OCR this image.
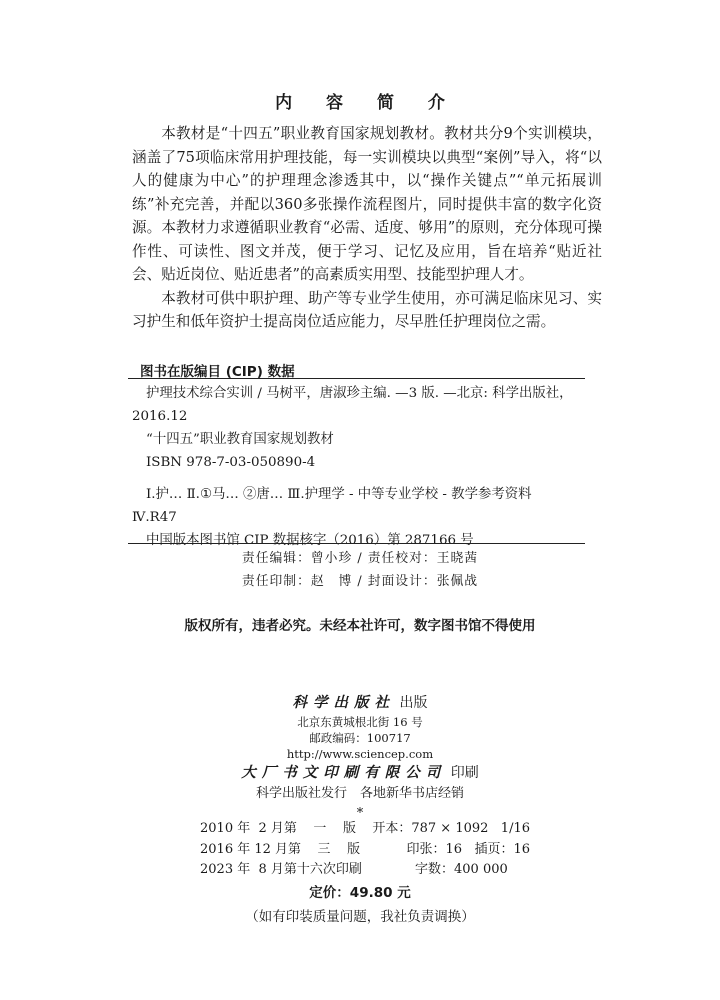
内 容 简 介

本教材是“十四五”职业教育国家规划教材。教材共分9个实训模块，涵盖了75项临床常用护理技能，每一实训模块以典型“案例”导入，将“以人的健康为中心”的护理理念渗透其中，以“操作关键点”“单元拓展训练”补充完善，并配以360多张操作流程图片，同时提供丰富的数字化资源。本教材力求遵循职业教育“必需、适度、够用”的原则，充分体现可操作性、可读性、图文并茂，便于学习、记忆及应用，旨在培养“贴近社会、贴近岗位、贴近患者”的高素质实用型、技能型护理人才。

本教材可供中职护理、助产等专业学生使用，亦可满足临床见习、实习护生和低年资护士提高岗位适应能力，尽早胜任护理岗位之需。

图书在版编目 (CIP) 数据
护理技术综合实训 / 马树平，唐淑珍主编. —3 版. —北京: 科学出版社，
2016.12
“十四五”职业教育国家规划教材
ISBN 978-7-03-050890-4
Ⅰ.护… Ⅱ.①马… ②唐… Ⅲ.护理学 - 中等专业学校 - 教学参考资料
Ⅳ.R47
中国版本图书馆 CIP 数据核字（2016）第 287166 号
责任编辑：曾小珍 / 责任校对：王晓茜
责任印制：赵　博 / 封面设计：张佩战
版权所有，违者必究。未经本社许可，数字图书馆不得使用
科学出版社 出版
北京东黄城根北街 16 号
邮政编码：100717
http://www.sciencep.com
大厂书文印刷有限公司 印刷
科学出版社发行　各地新华书店经销
*
2010 年  2 月第    一    版	开本：787 × 1092   1/16
2016 年 12 月第    三    版	印张：16   插页：16
2023 年  8 月第十六次印刷	字数：400 000
定价：49.80 元
（如有印装质量问题，我社负责调换）
